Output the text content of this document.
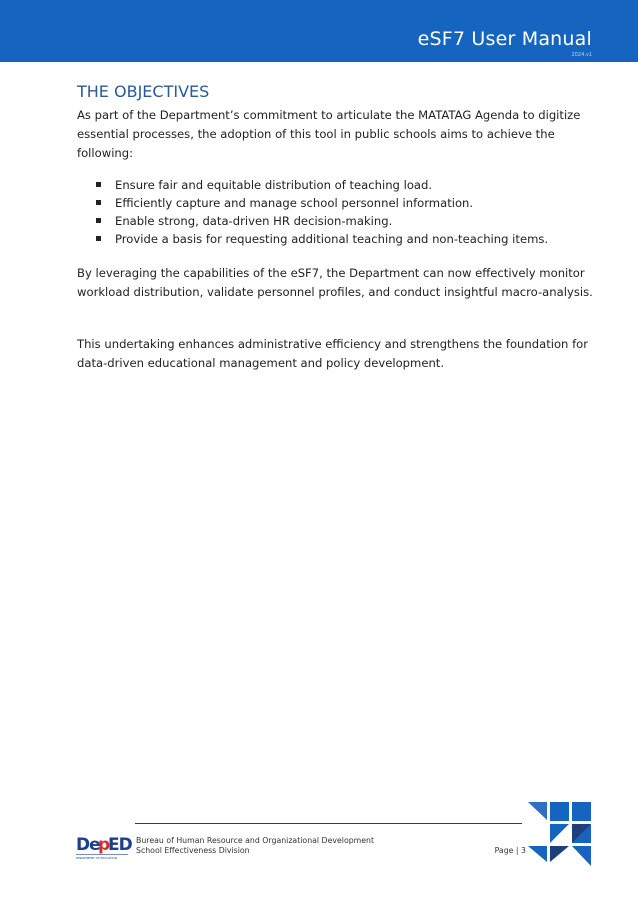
eSF7 User Manual
2024.v1
THE OBJECTIVES
As part of the Department’s commitment to articulate the MATATAG Agenda to digitize essential processes, the adoption of this tool in public schools aims to achieve the following:
Ensure fair and equitable distribution of teaching load.
Efficiently capture and manage school personnel information.
Enable strong, data-driven HR decision-making.
Provide a basis for requesting additional teaching and non-teaching items.
By leveraging the capabilities of the eSF7, the Department can now effectively monitor workload distribution, validate personnel profiles, and conduct insightful macro-analysis.
This undertaking enhances administrative efficiency and strengthens the foundation for data-driven educational management and policy development.
De
p
ED
DEPARTMENT OF EDUCATION
Bureau of Human Resource and Organizational Development
School Effectiveness Division	Page | 3
